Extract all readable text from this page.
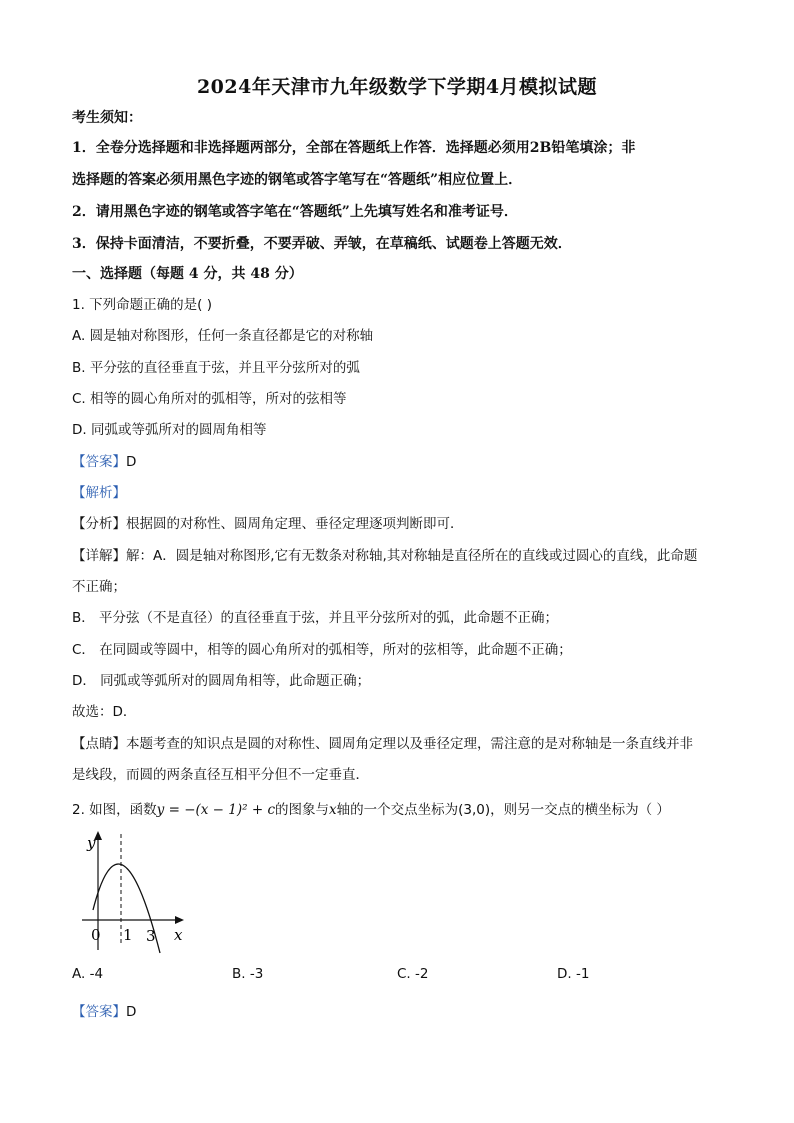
2024年天津市九年级数学下学期4月模拟试题
考生须知：
1．全卷分选择题和非选择题两部分，全部在答题纸上作答．选择题必须用2B铅笔填涂；非
选择题的答案必须用黑色字迹的钢笔或答字笔写在“答题纸”相应位置上．
2．请用黑色字迹的钢笔或答字笔在“答题纸”上先填写姓名和准考证号．
3．保持卡面清洁，不要折叠，不要弄破、弄皱，在草稿纸、试题卷上答题无效．
一、选择题（每题 4 分，共 48 分）
1. 下列命题正确的是( )
A. 圆是轴对称图形，任何一条直径都是它的对称轴
B. 平分弦的直径垂直于弦，并且平分弦所对的弧
C. 相等的圆心角所对的弧相等，所对的弦相等
D. 同弧或等弧所对的圆周角相等
【答案】D
【解析】
【分析】根据圆的对称性、圆周角定理、垂径定理逐项判断即可．
【详解】解：A．圆是轴对称图形,它有无数条对称轴,其对称轴是直径所在的直线或过圆心的直线，此命题
不正确；
B． 平分弦（不是直径）的直径垂直于弦，并且平分弦所对的弧，此命题不正确；
C． 在同圆或等圆中，相等的圆心角所对的弧相等，所对的弦相等，此命题不正确；
D． 同弧或等弧所对的圆周角相等，此命题正确；
故选：D．
【点睛】本题考查的知识点是圆的对称性、圆周角定理以及垂径定理，需注意的是对称轴是一条直线并非
是线段，而圆的两条直径互相平分但不一定垂直．
2. 如图，函数y = −(x − 1)² + c的图象与x轴的一个交点坐标为(3,0)，则另一交点的横坐标为（ ）
y
x
0 1 3
A. -4	B. -3	C. -2	D. -1
【答案】D
